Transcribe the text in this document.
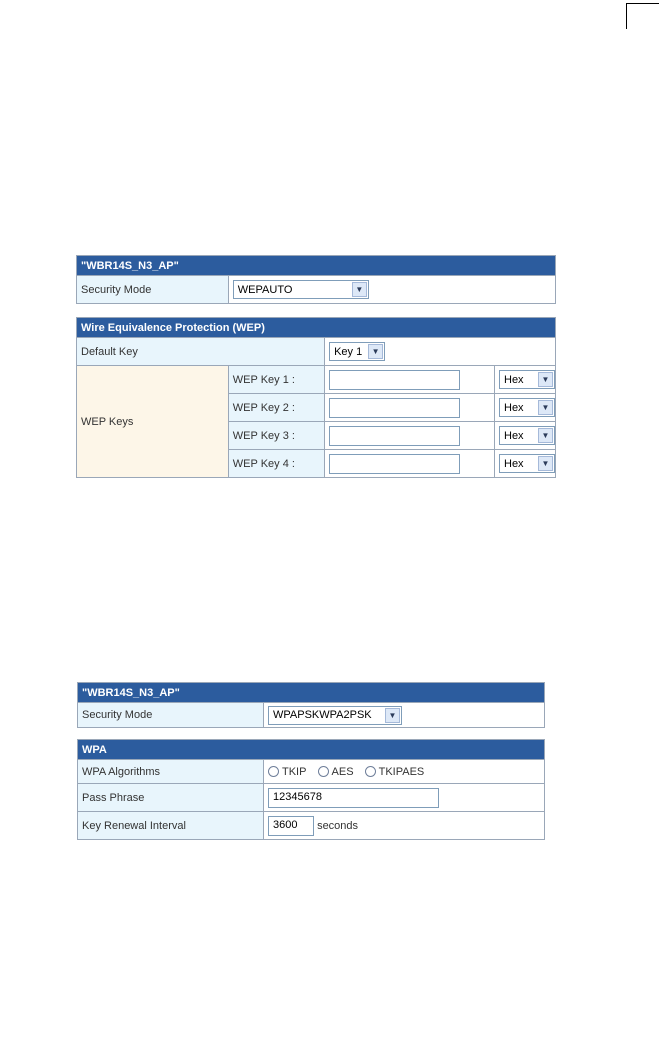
"WBR14S_N3_AP"			
Security Mode	WEPAUTO ▼		

Wire Equivalence Protection (WEP)			
Default Key		Key 1 ▼	

WEP Keys	WEP Key 1 :		Hex ▼

	WEP Key 2 :		Hex ▼

	WEP Key 3 :		Hex ▼

	WEP Key 4 :		Hex ▼
"WBR14S_N3_AP"	
Security Mode	WPAPSKWPA2PSK ▼

WPA	
WPA Algorithms	TKIP AES TKIPAES
Pass Phrase	12345678
Key Renewal Interval	3600 seconds
